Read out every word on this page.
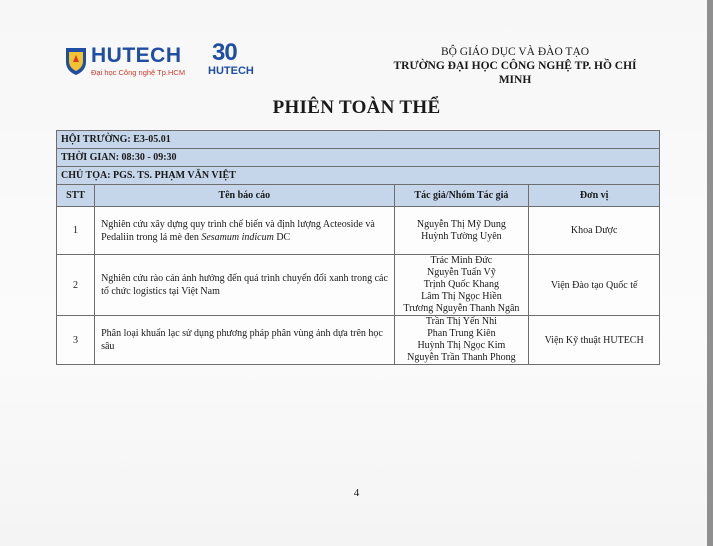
HUTECH
Đại học Công nghệ Tp.HCM
30
HUTECH
BỘ GIÁO DỤC VÀ ĐÀO TẠO
TRƯỜNG ĐẠI HỌC CÔNG NGHỆ TP. HỒ CHÍ MINH
PHIÊN TOÀN THỂ
HỘI TRƯỜNG: E3-05.01			
THỜI GIAN: 08:30 - 09:30			
CHỦ TỌA: PGS. TS. PHẠM VĂN VIỆT			
STT	Tên báo cáo	Tác giả/Nhóm Tác giả	Đơn vị
1	Nghiên cứu xây dựng quy trình chế biến và định lượng Acteoside và Pedaliin trong lá mè đen Sesamum indicum DC	Nguyễn Thị Mỹ Dung
Huỳnh Tường Uyên	Khoa Dược
2	Nghiên cứu rào cản ảnh hưởng đến quá trình chuyển đổi xanh trong các tổ chức logistics tại Việt Nam	Trác Minh Đức
Nguyễn Tuấn Vỹ
Trịnh Quốc Khang
Lâm Thị Ngọc Hiền
Trương Nguyễn Thanh Ngân	Viện Đào tạo Quốc tế
3	Phân loại khuẩn lạc sử dụng phương pháp phân vùng ảnh dựa trên học sâu	Trần Thị Yến Nhi
Phan Trung Kiên
Huỳnh Thị Ngọc Kim
Nguyễn Trần Thanh Phong	Viện Kỹ thuật HUTECH
4
